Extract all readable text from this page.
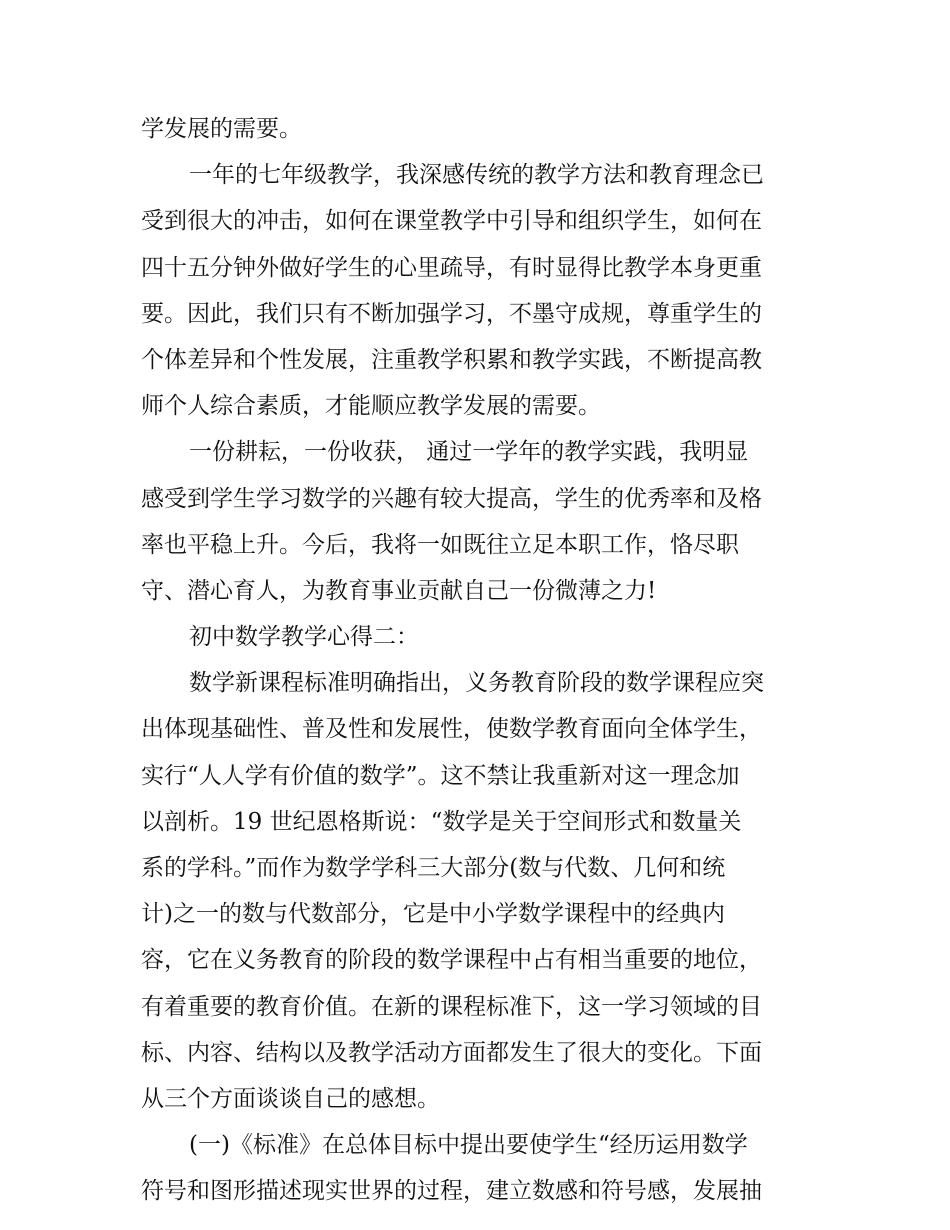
学发展的需要。
一年的七年级教学，我深感传统的教学方法和教育理念已
受到很大的冲击，如何在课堂教学中引导和组织学生，如何在
四十五分钟外做好学生的心里疏导，有时显得比教学本身更重
要。因此，我们只有不断加强学习，不墨守成规，尊重学生的
个体差异和个性发展，注重教学积累和教学实践，不断提高教
师个人综合素质，才能顺应教学发展的需要。
一份耕耘，一份收获， 通过一学年的教学实践，我明显
感受到学生学习数学的兴趣有较大提高，学生的优秀率和及格
率也平稳上升。今后，我将一如既往立足本职工作，恪尽职
守、潜心育人，为教育事业贡献自己一份微薄之力!
初中数学教学心得二：
数学新课程标准明确指出，义务教育阶段的数学课程应突
出体现基础性、普及性和发展性，使数学教育面向全体学生，
实行“人人学有价值的数学”。这不禁让我重新对这一理念加
以剖析。19 世纪恩格斯说：“数学是关于空间形式和数量关
系的学科。”而作为数学学科三大部分(数与代数、几何和统
计)之一的数与代数部分，它是中小学数学课程中的经典内
容，它在义务教育的阶段的数学课程中占有相当重要的地位，
有着重要的教育价值。在新的课程标准下，这一学习领域的目
标、内容、结构以及教学活动方面都发生了很大的变化。下面
从三个方面谈谈自己的感想。
(一)《标准》在总体目标中提出要使学生“经历运用数学
符号和图形描述现实世界的过程，建立数感和符号感，发展抽
